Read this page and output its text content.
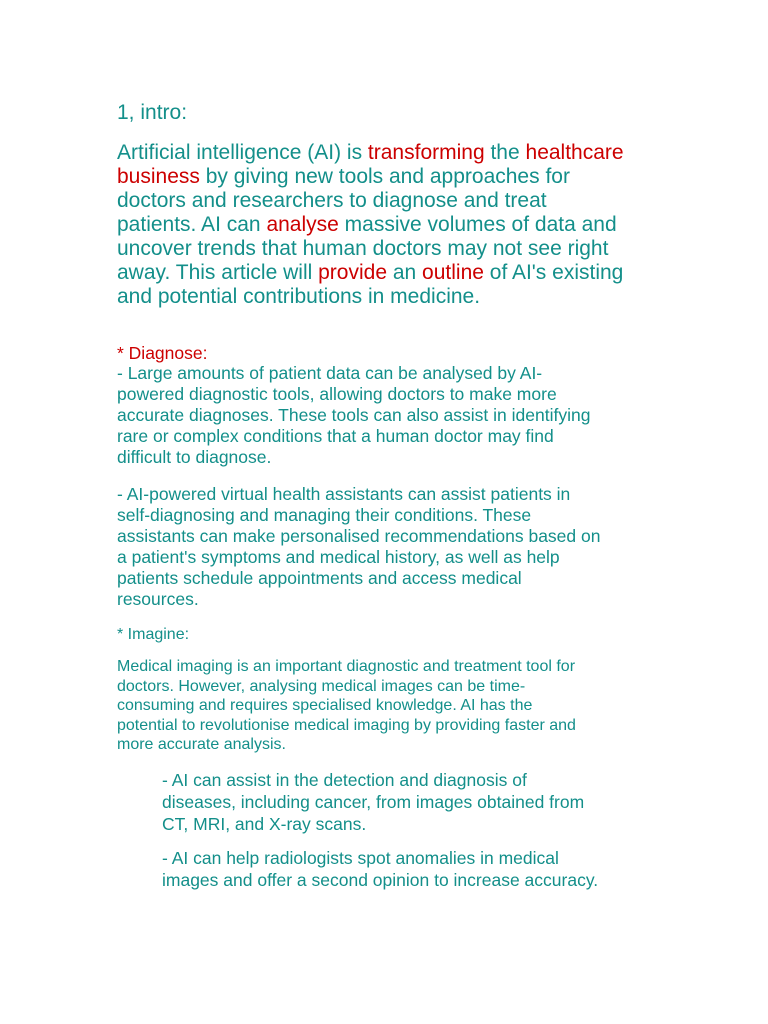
1, intro:

Artificial intelligence (AI) is transforming the healthcare
business by giving new tools and approaches for
doctors and researchers to diagnose and treat
patients. AI can analyse massive volumes of data and
uncover trends that human doctors may not see right
away. This article will provide an outline of AI's existing
and potential contributions in medicine.

* Diagnose:

- Large amounts of patient data can be analysed by AI-
powered diagnostic tools, allowing doctors to make more
accurate diagnoses. These tools can also assist in identifying
rare or complex conditions that a human doctor may find
difficult to diagnose.

- AI-powered virtual health assistants can assist patients in
self-diagnosing and managing their conditions. These
assistants can make personalised recommendations based on
a patient's symptoms and medical history, as well as help
patients schedule appointments and access medical
resources.

* Imagine:

Medical imaging is an important diagnostic and treatment tool for
doctors. However, analysing medical images can be time-
consuming and requires specialised knowledge. AI has the
potential to revolutionise medical imaging by providing faster and
more accurate analysis.

- AI can assist in the detection and diagnosis of
diseases, including cancer, from images obtained from
CT, MRI, and X-ray scans.

- AI can help radiologists spot anomalies in medical
images and offer a second opinion to increase accuracy.
